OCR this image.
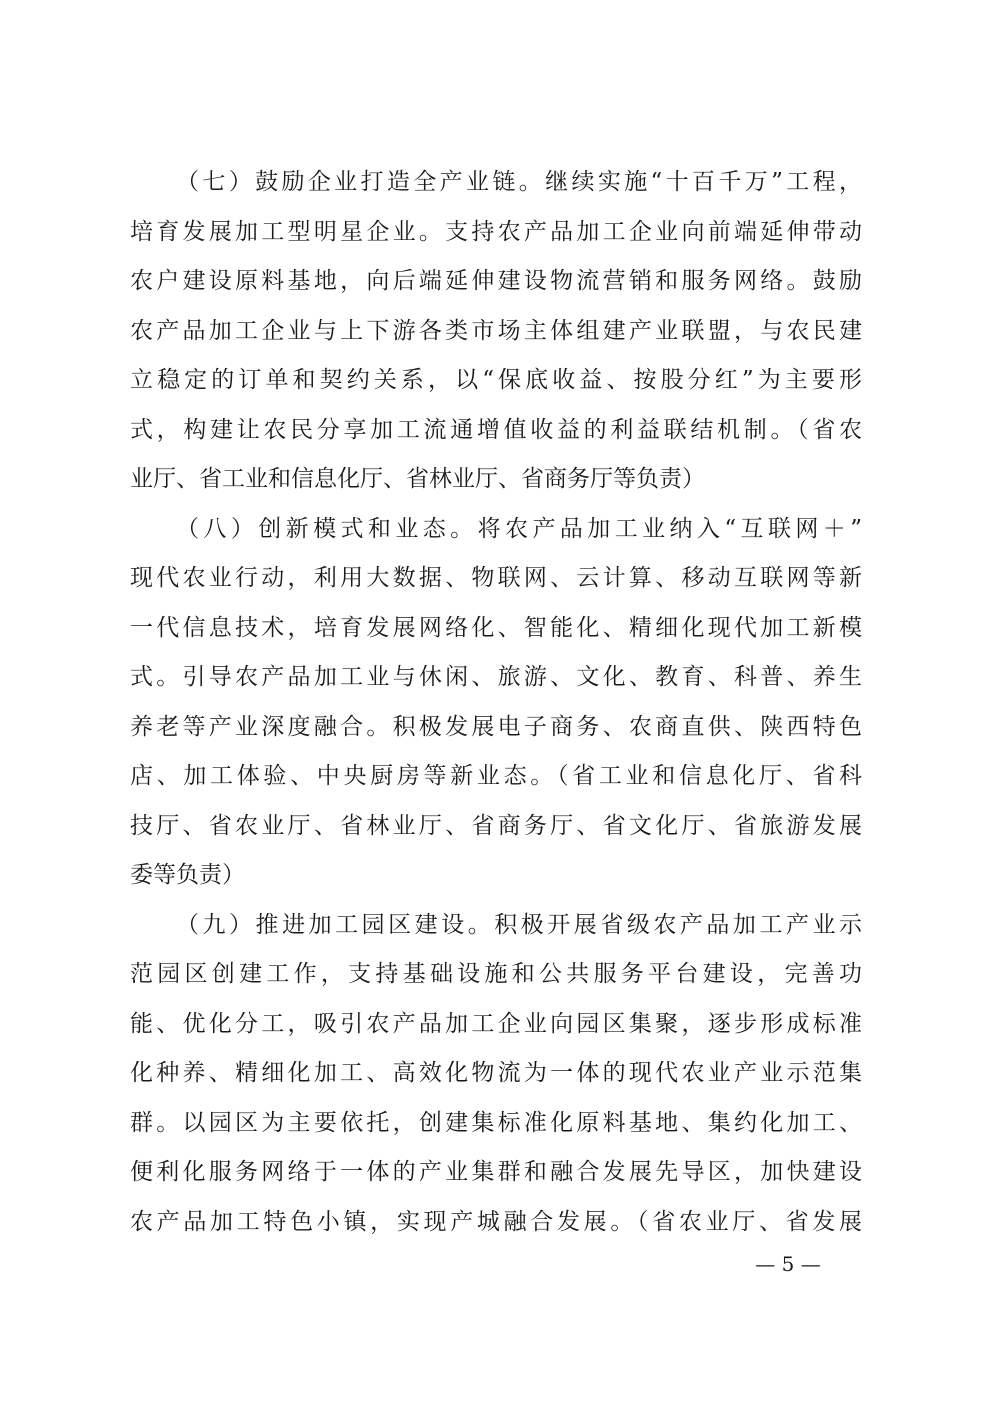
（七）鼓励企业打造全产业链。继续实施“十百千万”工程，
培育发展加工型明星企业。支持农产品加工企业向前端延伸带动
农户建设原料基地，向后端延伸建设物流营销和服务网络。鼓励
农产品加工企业与上下游各类市场主体组建产业联盟，与农民建
立稳定的订单和契约关系，以“保底收益、按股分红”为主要形
式，构建让农民分享加工流通增值收益的利益联结机制。（省农
业厅、省工业和信息化厅、省林业厅、省商务厅等负责）
（八）创新模式和业态。将农产品加工业纳入“互联网＋”
现代农业行动，利用大数据、物联网、云计算、移动互联网等新
一代信息技术，培育发展网络化、智能化、精细化现代加工新模
式。引导农产品加工业与休闲、旅游、文化、教育、科普、养生
养老等产业深度融合。积极发展电子商务、农商直供、陕西特色
店、加工体验、中央厨房等新业态。（省工业和信息化厅、省科
技厅、省农业厅、省林业厅、省商务厅、省文化厅、省旅游发展
委等负责）
（九）推进加工园区建设。积极开展省级农产品加工产业示
范园区创建工作，支持基础设施和公共服务平台建设，完善功
能、优化分工，吸引农产品加工企业向园区集聚，逐步形成标准
化种养、精细化加工、高效化物流为一体的现代农业产业示范集
群。以园区为主要依托，创建集标准化原料基地、集约化加工、
便利化服务网络于一体的产业集群和融合发展先导区，加快建设
农产品加工特色小镇，实现产城融合发展。（省农业厅、省发展
— 5 —
